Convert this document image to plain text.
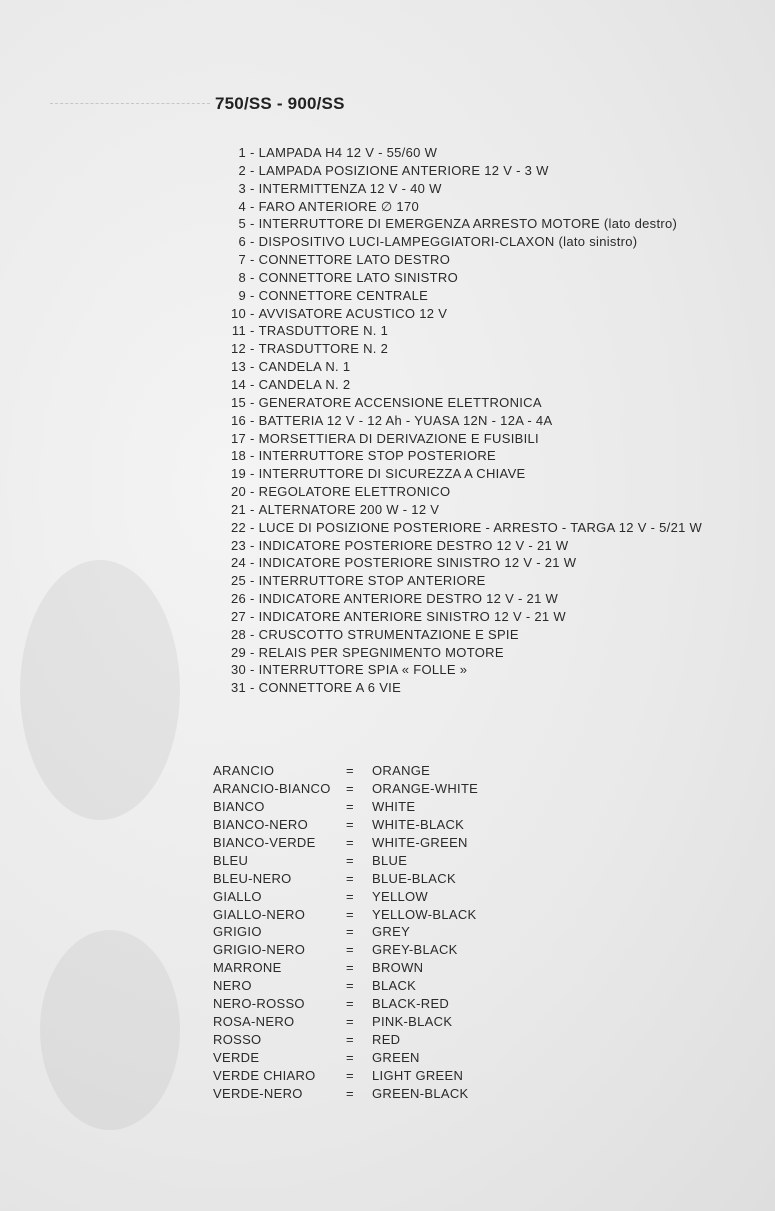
750/SS - 900/SS
1 - LAMPADA H4 12 V - 55/60 W
2 - LAMPADA POSIZIONE ANTERIORE 12 V - 3 W
3 - INTERMITTENZA 12 V - 40 W
4 - FARO ANTERIORE ∅ 170
5 - INTERRUTTORE DI EMERGENZA ARRESTO MOTORE (lato destro)
6 - DISPOSITIVO LUCI-LAMPEGGIATORI-CLAXON (lato sinistro)
7 - CONNETTORE LATO DESTRO
8 - CONNETTORE LATO SINISTRO
9 - CONNETTORE CENTRALE
10 - AVVISATORE ACUSTICO 12 V
11 - TRASDUTTORE N. 1
12 - TRASDUTTORE N. 2
13 - CANDELA N. 1
14 - CANDELA N. 2
15 - GENERATORE ACCENSIONE ELETTRONICA
16 - BATTERIA 12 V - 12 Ah - YUASA 12N - 12A - 4A
17 - MORSETTIERA DI DERIVAZIONE E FUSIBILI
18 - INTERRUTTORE STOP POSTERIORE
19 - INTERRUTTORE DI SICUREZZA A CHIAVE
20 - REGOLATORE ELETTRONICO
21 - ALTERNATORE 200 W - 12 V
22 - LUCE DI POSIZIONE POSTERIORE - ARRESTO - TARGA 12 V - 5/21 W
23 - INDICATORE POSTERIORE DESTRO 12 V - 21 W
24 - INDICATORE POSTERIORE SINISTRO 12 V - 21 W
25 - INTERRUTTORE STOP ANTERIORE
26 - INDICATORE ANTERIORE DESTRO 12 V - 21 W
27 - INDICATORE ANTERIORE SINISTRO 12 V - 21 W
28 - CRUSCOTTO STRUMENTAZIONE E SPIE
29 - RELAIS PER SPEGNIMENTO MOTORE
30 - INTERRUTTORE SPIA « FOLLE »
31 - CONNETTORE A 6 VIE
ARANCIO	= ORANGE
ARANCIO-BIANCO = ORANGE-WHITE
BIANCO	= WHITE
BIANCO-NERO	= WHITE-BLACK
BIANCO-VERDE = WHITE-GREEN
BLEU	= BLUE
BLEU-NERO	= BLUE-BLACK
GIALLO	= YELLOW
GIALLO-NERO	= YELLOW-BLACK
GRIGIO	= GREY
GRIGIO-NERO	= GREY-BLACK
MARRONE	= BROWN
NERO	= BLACK
NERO-ROSSO	= BLACK-RED
ROSA-NERO	= PINK-BLACK
ROSSO	= RED
VERDE	= GREEN
VERDE CHIARO = LIGHT GREEN
VERDE-NERO	= GREEN-BLACK
